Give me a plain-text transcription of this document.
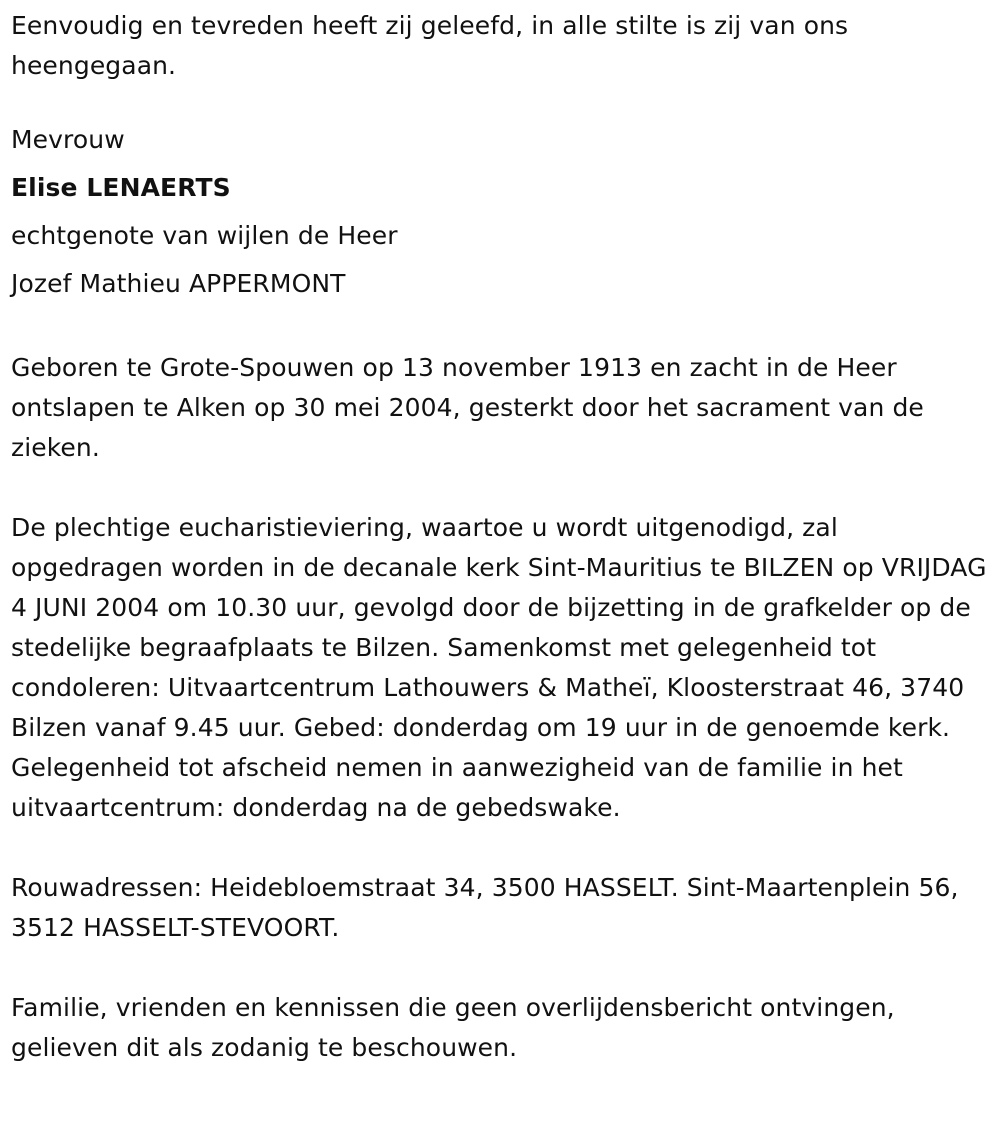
Eenvoudig en tevreden heeft zij geleefd, in alle stilte is zij van ons heengegaan.

Mevrouw
Elise LENAERTS
echtgenote van wijlen de Heer
Jozef Mathieu APPERMONT

Geboren te Grote-Spouwen op 13 november 1913 en zacht in de Heer ontslapen te Alken op 30 mei 2004, gesterkt door het sacrament van de zieken.

De plechtige eucharistieviering, waartoe u wordt uitgenodigd, zal opgedragen worden in de decanale kerk Sint-Mauritius te BILZEN op VRIJDAG 4 JUNI 2004 om 10.30 uur, gevolgd door de bijzetting in de grafkelder op de stedelijke begraafplaats te Bilzen. Samenkomst met gelegenheid tot condoleren: Uitvaartcentrum Lathouwers & Matheï, Kloosterstraat 46, 3740 Bilzen vanaf 9.45 uur. Gebed: donderdag om 19 uur in de genoemde kerk. Gelegenheid tot afscheid nemen in aanwezigheid van de familie in het uitvaartcentrum: donderdag na de gebedswake.

Rouwadressen: Heidebloemstraat 34, 3500 HASSELT. Sint-Maartenplein 56, 3512 HASSELT-STEVOORT.

Familie, vrienden en kennissen die geen overlijdensbericht ontvingen, gelieven dit als zodanig te beschouwen.
